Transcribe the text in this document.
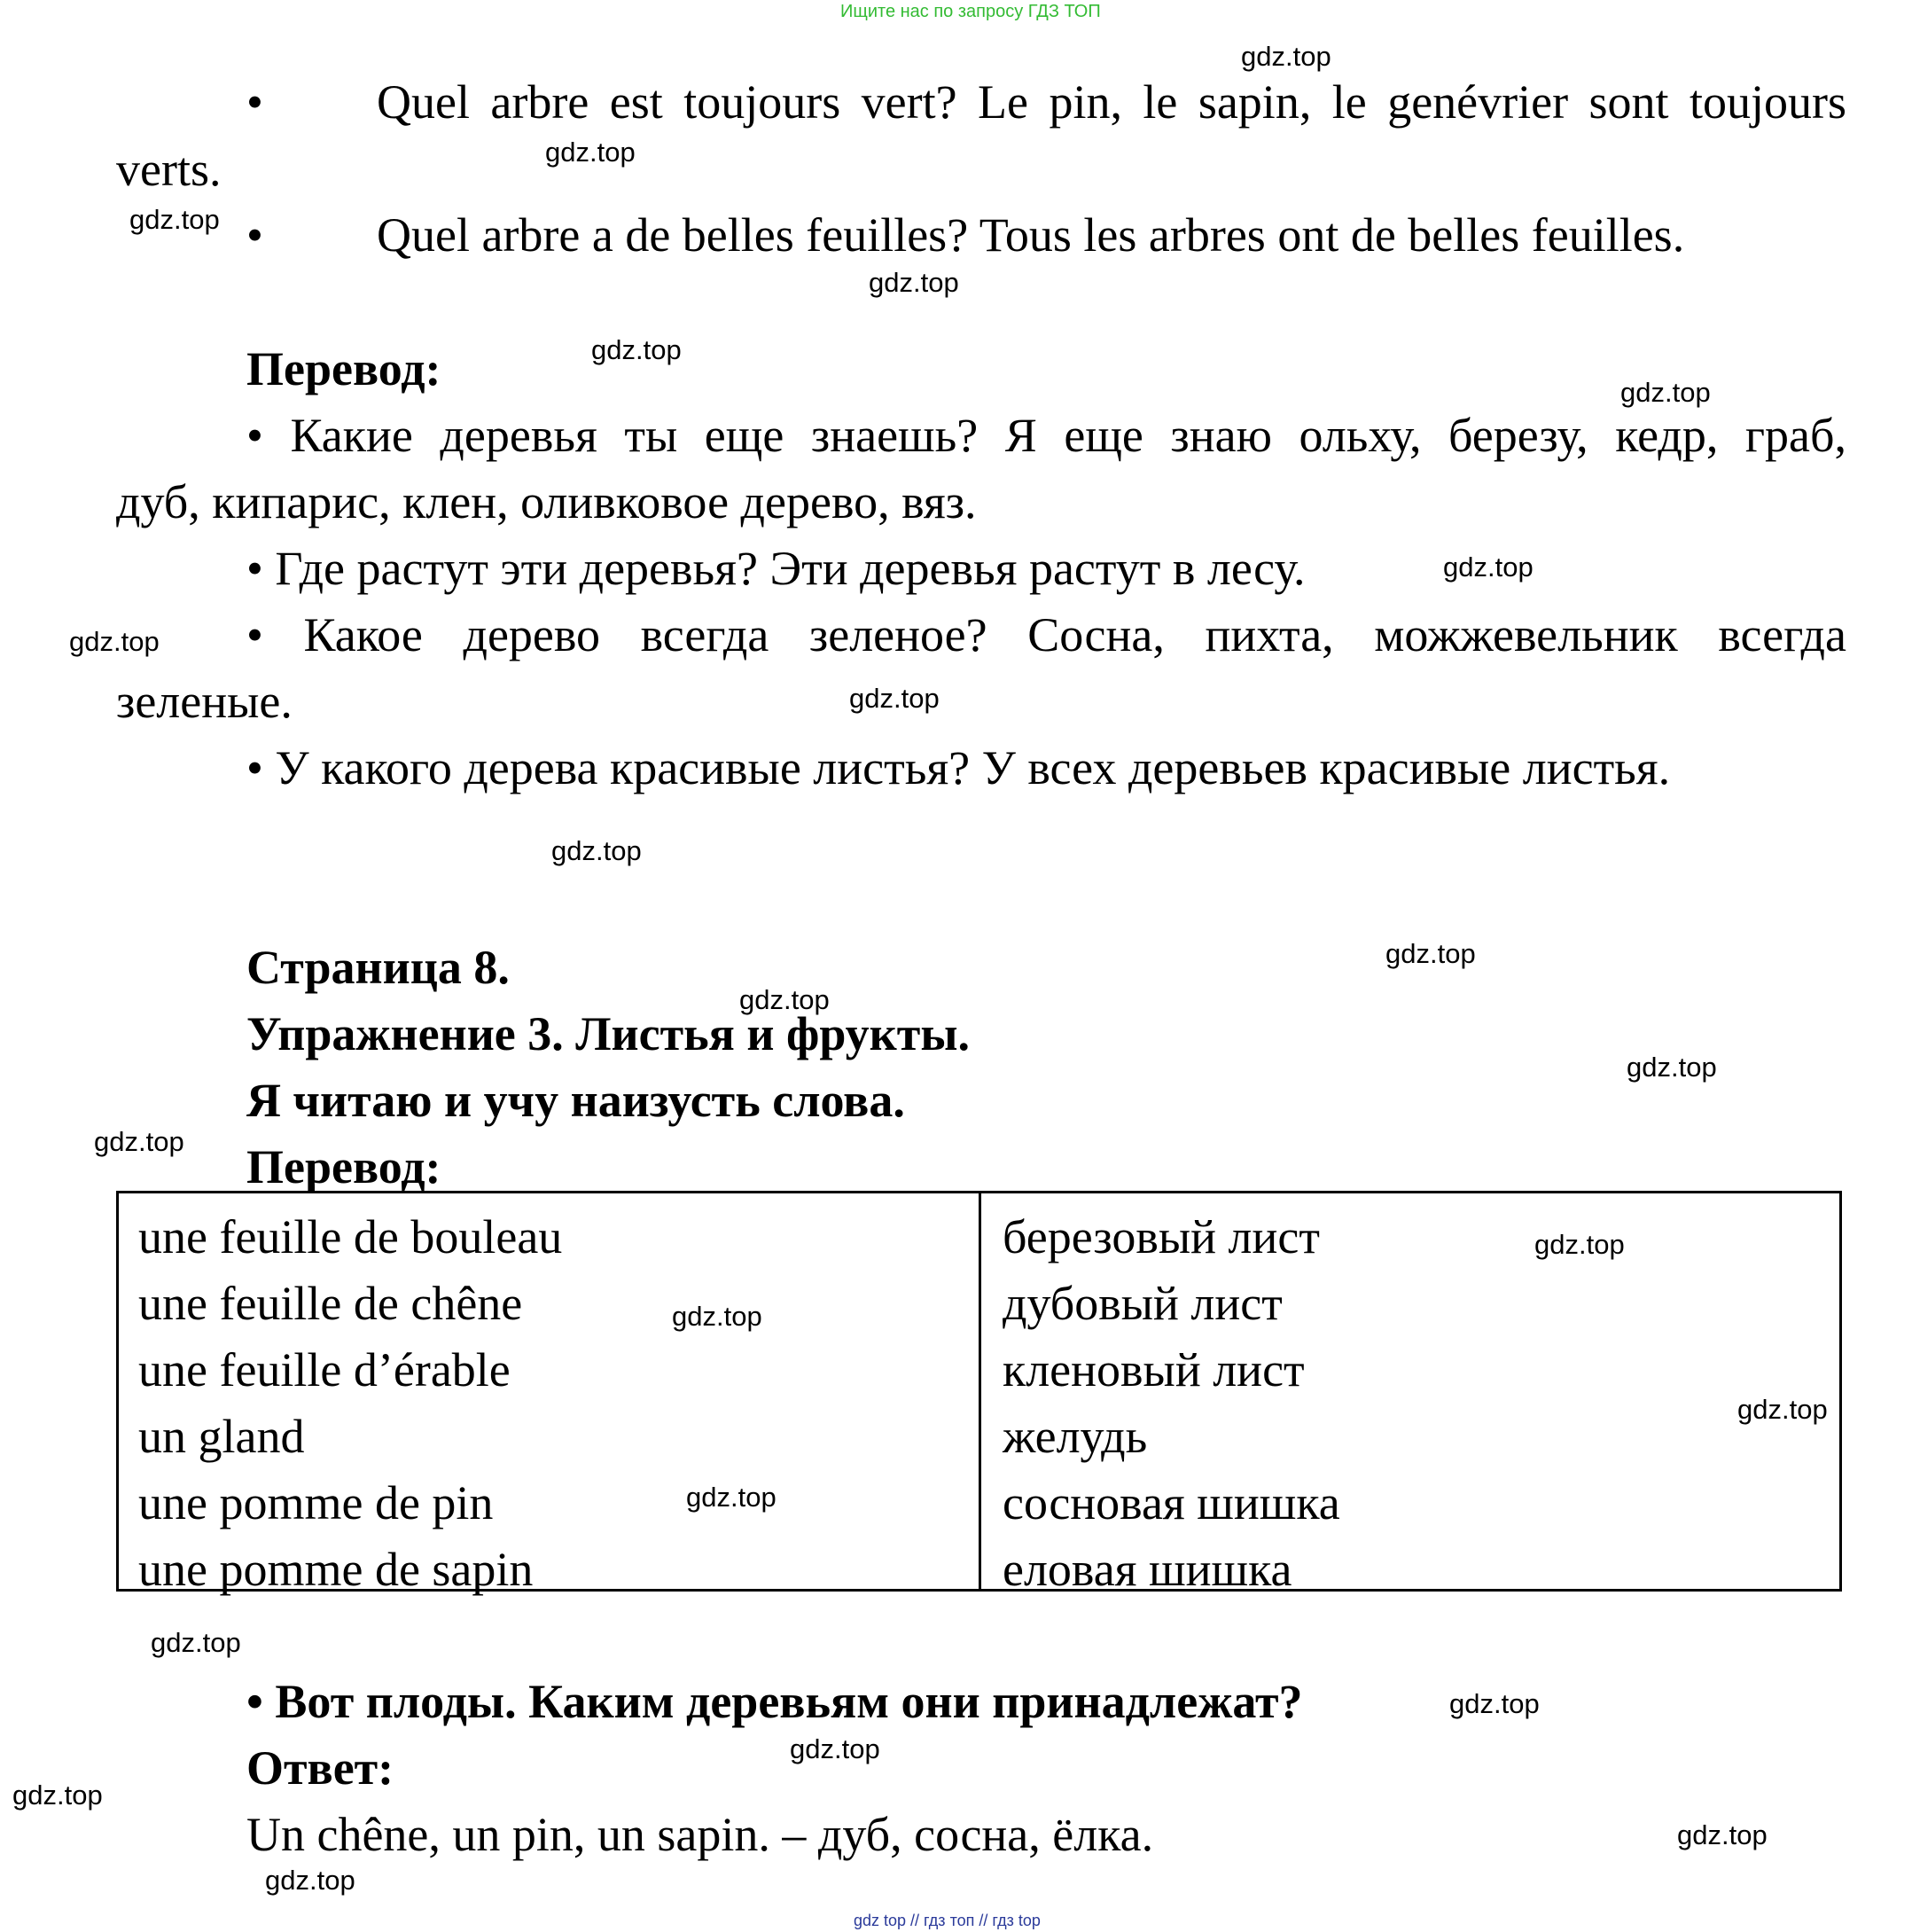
Ищите нас по запросу ГДЗ ТОП
• Quel arbre est toujours vert? Le pin, le sapin, le genévrier sont toujours
verts.
• Quel arbre a de belles feuilles? Tous les arbres ont de belles feuilles.
Перевод:
• Какие деревья ты еще знаешь? Я еще знаю ольху, березу, кедр, граб,
дуб, кипарис, клен, оливковое дерево, вяз.
• Где растут эти деревья? Эти деревья растут в лесу.
• Какое дерево всегда зеленое? Сосна, пихта, можжевельник всегда
зеленые.
• У какого дерева красивые листья? У всех деревьев красивые листья.
Страница 8.
Упражнение 3. Листья и фрукты.
Я читаю и учу наизусть слова.
Перевод:
une feuille de bouleau	березовый лист
une feuille de chêne	дубовый лист
une feuille d’érable	кленовый лист
un gland	желудь
une pomme de pin	сосновая шишка
une pomme de sapin	еловая шишка
• Вот плоды. Каким деревьям они принадлежат?
Ответ:
Un chêne, un pin, un sapin. – дуб, сосна, ёлка.
gdz.top
gdz.top
gdz.top
gdz.top
gdz.top
gdz.top
gdz.top
gdz.top
gdz.top
gdz.top
gdz.top
gdz.top
gdz.top
gdz.top
gdz.top
gdz.top
gdz.top
gdz.top
gdz.top
gdz.top
gdz.top
gdz.top
gdz.top
gdz.top
gdz top // гдз топ // гдз top
